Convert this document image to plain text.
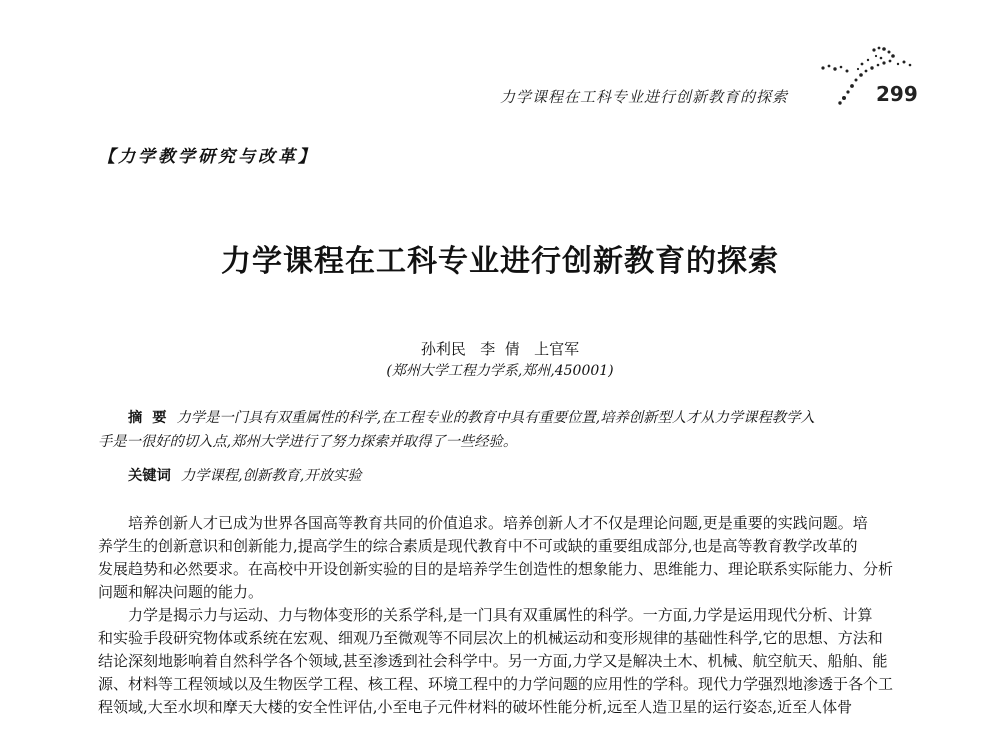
力学课程在工科专业进行创新教育的探索	299
【力学教学研究与改革】
力学课程在工科专业进行创新教育的探索
孙利民   李  倩   上官军
(郑州大学工程力学系,郑州,450001)
摘  要  力学是一门具有双重属性的科学,在工程专业的教育中具有重要位置,培养创新型人才从力学课程教学入
手是一很好的切入点,郑州大学进行了努力探索并取得了一些经验。
关键词  力学课程,创新教育,开放实验
培养创新人才已成为世界各国高等教育共同的价值追求。培养创新人才不仅是理论问题,更是重要的实践问题。培
养学生的创新意识和创新能力,提高学生的综合素质是现代教育中不可或缺的重要组成部分,也是高等教育教学改革的
发展趋势和必然要求。在高校中开设创新实验的目的是培养学生创造性的想象能力、思维能力、理论联系实际能力、分析
问题和解决问题的能力。
力学是揭示力与运动、力与物体变形的关系学科,是一门具有双重属性的科学。一方面,力学是运用现代分析、计算
和实验手段研究物体或系统在宏观、细观乃至微观等不同层次上的机械运动和变形规律的基础性科学,它的思想、方法和
结论深刻地影响着自然科学各个领域,甚至渗透到社会科学中。另一方面,力学又是解决土木、机械、航空航天、船舶、能
源、材料等工程领域以及生物医学工程、核工程、环境工程中的力学问题的应用性的学科。现代力学强烈地渗透于各个工
程领域,大至水坝和摩天大楼的安全性评估,小至电子元件材料的破坏性能分析,远至人造卫星的运行姿态,近至人体骨
